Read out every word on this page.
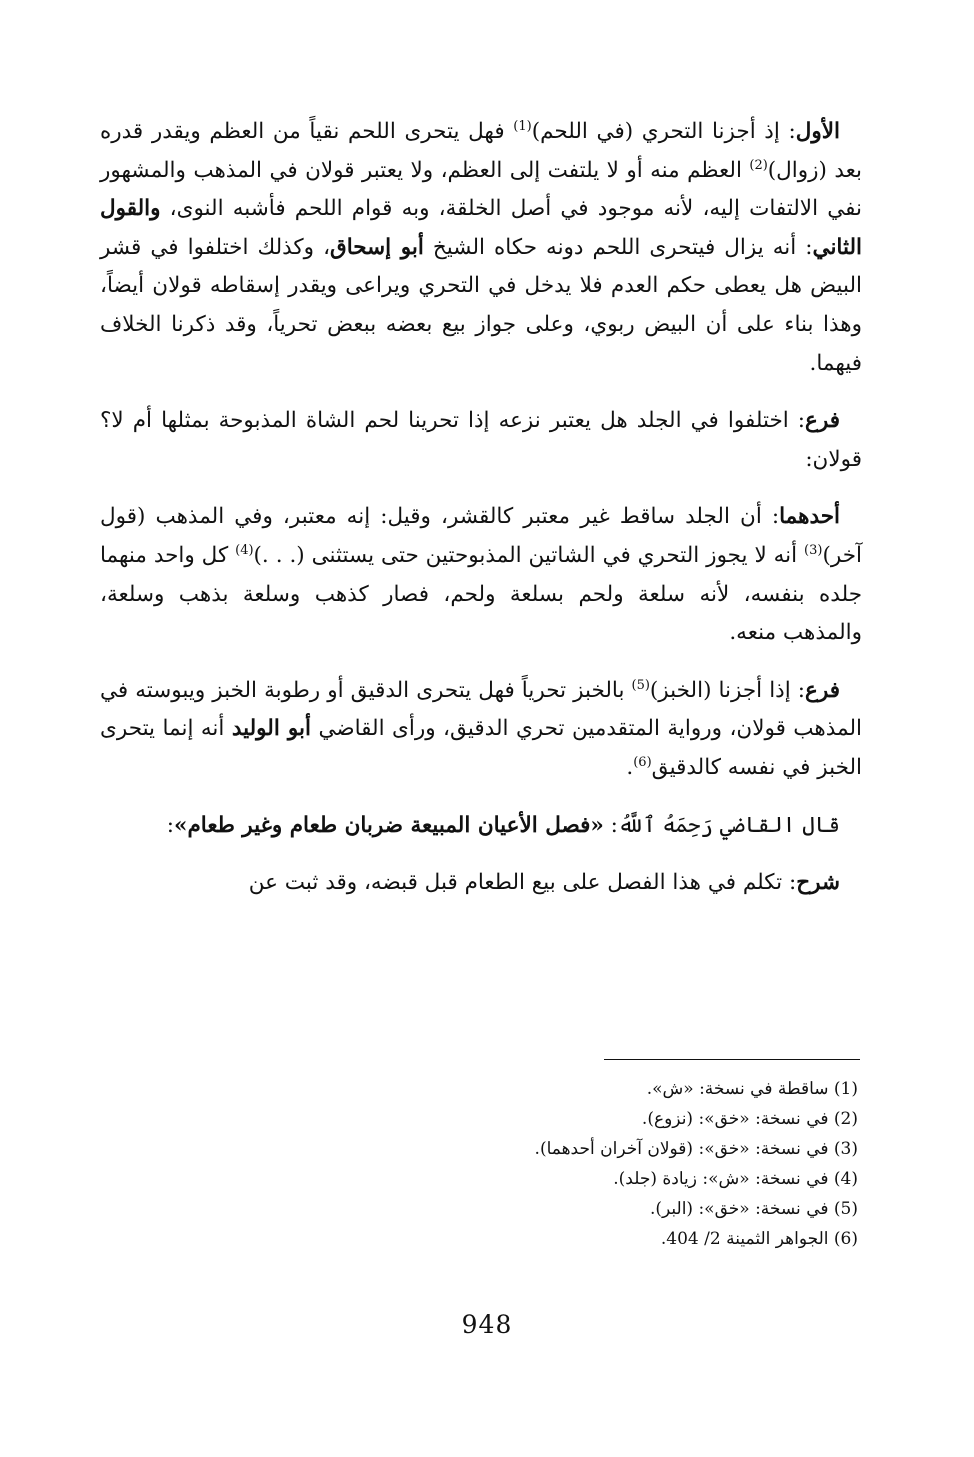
الأول: إذ أجزنا التحري (في اللحم)$^{(1)}$ فهل يتحرى اللحم نقياً من العظم ويقدر قدره بعد (زوال)$^{(2)}$ العظم منه أو لا يلتفت إلى العظم، ولا يعتبر قولان في المذهب والمشهور نفي الالتفات إليه، لأنه موجود في أصل الخلقة، وبه قوام اللحم فأشبه النوى، والقول الثاني: أنه يزال فيتحرى اللحم دونه حكاه الشيخ أبو إسحاق، وكذلك اختلفوا في قشر البيض هل يعطى حكم العدم فلا يدخل في التحري ويراعى ويقدر إسقاطه قولان أيضاً، وهذا بناء على أن البيض ربوي، وعلى جواز بيع بعضه ببعض تحرياً، وقد ذكرنا الخلاف فيهما.

فرع: اختلفوا في الجلد هل يعتبر نزعه إذا تحرينا لحم الشاة المذبوحة بمثلها أم لا؟ قولان:

أحدهما: أن الجلد ساقط غير معتبر كالقشر، وقيل: إنه معتبر، وفي المذهب (قول آخر)$^{(3)}$ أنه لا يجوز التحري في الشاتين المذبوحتين حتى يستثنى (. . .)$^{(4)}$ كل واحد منهما جلده بنفسه، لأنه سلعة ولحم بسلعة ولحم، فصار كذهب وسلعة بذهب وسلعة، والمذهب منعه.

فرع: إذا أجزنا (الخبز)$^{(5)}$ بالخبز تحرياً فهل يتحرى الدقيق أو رطوبة الخبز ويبوسته في المذهب قولان، ورواية المتقدمين تحري الدقيق، ورأى القاضي أبو الوليد أنه إنما يتحرى الخبز في نفسه كالدقيق$^{(6)}$.

قال القاضي رَحِمَهُ ٱللَّهُ: «فصل الأعيان المبيعة ضربان طعام وغير طعام»:

شرح: تكلم في هذا الفصل على بيع الطعام قبل قبضه، وقد ثبت عن

(1) ساقطة في نسخة: «ش».
(2) في نسخة: «خق»: (نزوع).
(3) في نسخة: «خق»: (قولان آخران أحدهما).
(4) في نسخة: «ش»: زيادة (جلد).
(5) في نسخة: «خق»: (البر).
(6) الجواهر الثمينة 2/ 404.
948
